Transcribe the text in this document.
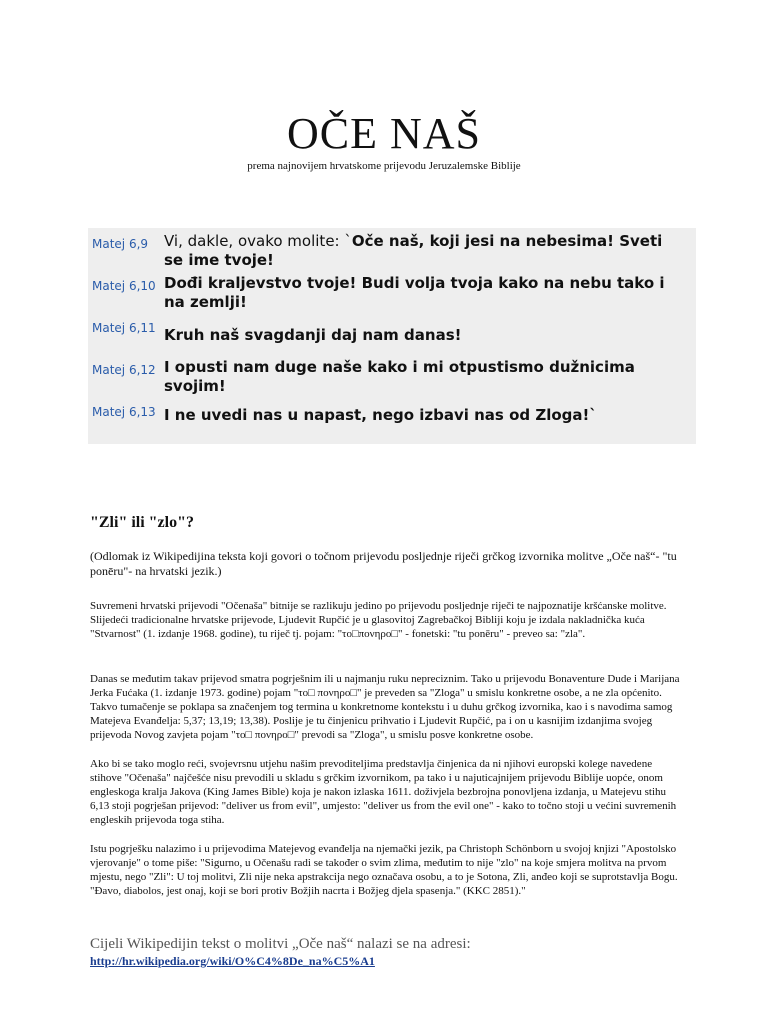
OČE NAŠ

prema najnovijem hrvatskome prijevodu Jeruzalemske Biblije

Matej 6,9	Vi, dakle, ovako molite: `Oče naš, koji jesi na nebesima! Sveti se ime tvoje!
Matej 6,10 Dođi kraljevstvo tvoje! Budi volja tvoja kako na nebu tako i na zemlji!
Matej 6,11 Kruh naš svagdanji daj nam danas!
Matej 6,12 I opusti nam duge naše kako i mi otpustismo dužnicima svojim!
Matej 6,13 I ne uvedi nas u napast, nego izbavi nas od Zloga!`
"Zli" ili "zlo"?

(Odlomak iz Wikipedijina teksta koji govori o točnom prijevodu posljednje riječi grčkog izvornika molitve „Oče naš“- "tu ponēru"- na hrvatski jezik.)

Suvremeni hrvatski prijevodi "Očenaša" bitnije se razlikuju jedino po prijevodu posljednje riječi te najpoznatije kršćanske molitve. Slijedeći tradicionalne hrvatske prijevode, Ljudevit Rupčić je u glasovitoj Zagrebačkoj Bibliji koju je izdala nakladnička kuća "Stvarnost" (1. izdanje 1968. godine), tu riječ tj. pojam: "το□πονηρο□" - fonetski: "tu ponēru" - preveo sa: "zla".

Danas se međutim takav prijevod smatra pogrješnim ili u najmanju ruku nepreciznim. Tako u prijevodu Bonaventure Dude i Marijana Jerka Fućaka (1. izdanje 1973. godine) pojam "το□ πονηρο□" je preveden sa "Zloga" u smislu konkretne osobe, a ne zla općenito. Takvo tumačenje se poklapa sa značenjem tog termina u konkretnome kontekstu i u duhu grčkog izvornika, kao i s navodima samog Matejeva Evanđelja: 5,37; 13,19; 13,38). Poslije je tu činjenicu prihvatio i Ljudevit Rupčić, pa i on u kasnijim izdanjima svojeg prijevoda Novog zavjeta pojam "το□ πονηρο□" prevodi sa "Zloga", u smislu posve konkretne osobe.

Ako bi se tako moglo reći, svojevrsnu utjehu našim prevoditeljima predstavlja činjenica da ni njihovi europski kolege navedene stihove "Očenaša" najčešće nisu prevodili u skladu s grčkim izvornikom, pa tako i u najuticajnijem prijevodu Biblije uopće, onom engleskoga kralja Jakova (King James Bible) koja je nakon izlaska 1611. doživjela bezbrojna ponovljena izdanja, u Matejevu stihu 6,13 stoji pogrješan prijevod: "deliver us from evil", umjesto: "deliver us from the evil one" - kako to točno stoji u većini suvremenih engleskih prijevoda toga stiha.

Istu pogrješku nalazimo i u prijevodima Matejevog evanđelja na njemački jezik, pa Christoph Schönborn u svojoj knjizi "Apostolsko vjerovanje" o tome piše: "Sigurno, u Očenašu radi se također o svim zlima, međutim to nije "zlo" na koje smjera molitva na prvom mjestu, nego "Zli": U toj molitvi, Zli nije neka apstrakcija nego označava osobu, a to je Sotona, Zli, anđeo koji se suprotstavlja Bogu. "Đavo, diabolos, jest onaj, koji se bori protiv Božjih nacrta i Božjeg djela spasenja." (KKC 2851)."

Cijeli Wikipedijin tekst o molitvi „Oče naš“ nalazi se na adresi:

http://hr.wikipedia.org/wiki/O%C4%8De_na%C5%A1
